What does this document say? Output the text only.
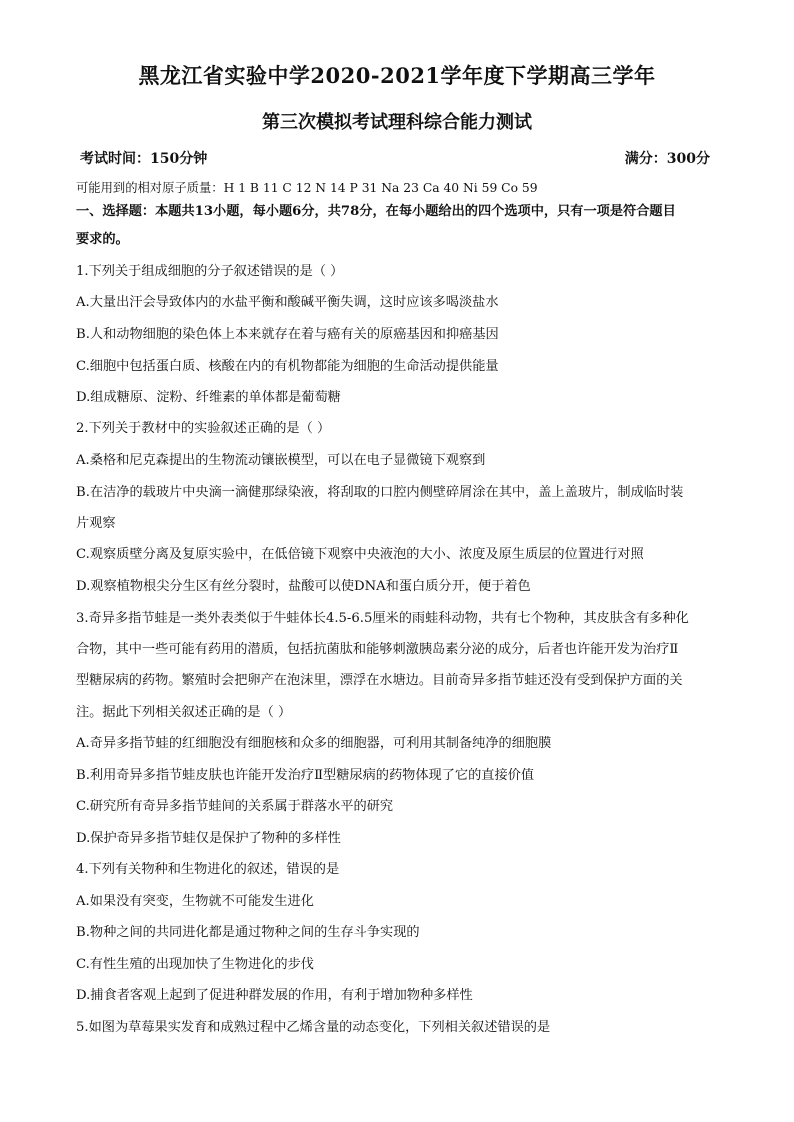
黑龙江省实验中学2020-2021学年度下学期高三学年
第三次模拟考试理科综合能力测试
考试时间：150分钟	满分：300分
可能用到的相对原子质量：H 1 B 11 C 12 N 14 P 31 Na 23 Ca 40 Ni 59 Co 59
一、选择题：本题共13小题，每小题6分，共78分，在每小题给出的四个选项中，只有一项是符合题目
要求的。
1.下列关于组成细胞的分子叙述错误的是（ ）
A.大量出汗会导致体内的水盐平衡和酸碱平衡失调，这时应该多喝淡盐水
B.人和动物细胞的染色体上本来就存在着与癌有关的原癌基因和抑癌基因
C.细胞中包括蛋白质、核酸在内的有机物都能为细胞的生命活动提供能量
D.组成糖原、淀粉、纤维素的单体都是葡萄糖
2.下列关于教材中的实验叙述正确的是（ ）
A.桑格和尼克森提出的生物流动镶嵌模型，可以在电子显微镜下观察到
B.在洁净的载玻片中央滴一滴健那绿染液，将刮取的口腔内侧壁碎屑涂在其中，盖上盖玻片，制成临时装
片观察
C.观察质壁分离及复原实验中，在低倍镜下观察中央液泡的大小、浓度及原生质层的位置进行对照
D.观察植物根尖分生区有丝分裂时，盐酸可以使DNA和蛋白质分开，便于着色
3.奇异多指节蛙是一类外表类似于牛蛙体长4.5-6.5厘米的雨蛙科动物，共有七个物种，其皮肤含有多种化
合物，其中一些可能有药用的潜质，包括抗菌肽和能够刺激胰岛素分泌的成分，后者也许能开发为治疗Ⅱ
型糖尿病的药物。繁殖时会把卵产在泡沫里，漂浮在水塘边。目前奇异多指节蛙还没有受到保护方面的关
注。据此下列相关叙述正确的是（ ）
A.奇异多指节蛙的红细胞没有细胞核和众多的细胞器，可利用其制备纯净的细胞膜
B.利用奇异多指节蛙皮肤也许能开发治疗Ⅱ型糖尿病的药物体现了它的直接价值
C.研究所有奇异多指节蛙间的关系属于群落水平的研究
D.保护奇异多指节蛙仅是保护了物种的多样性
4.下列有关物种和生物进化的叙述，错误的是
A.如果没有突变，生物就不可能发生进化
B.物种之间的共同进化都是通过物种之间的生存斗争实现的
C.有性生殖的出现加快了生物进化的步伐
D.捕食者客观上起到了促进种群发展的作用，有利于增加物种多样性
5.如图为草莓果实发育和成熟过程中乙烯含量的动态变化，下列相关叙述错误的是
